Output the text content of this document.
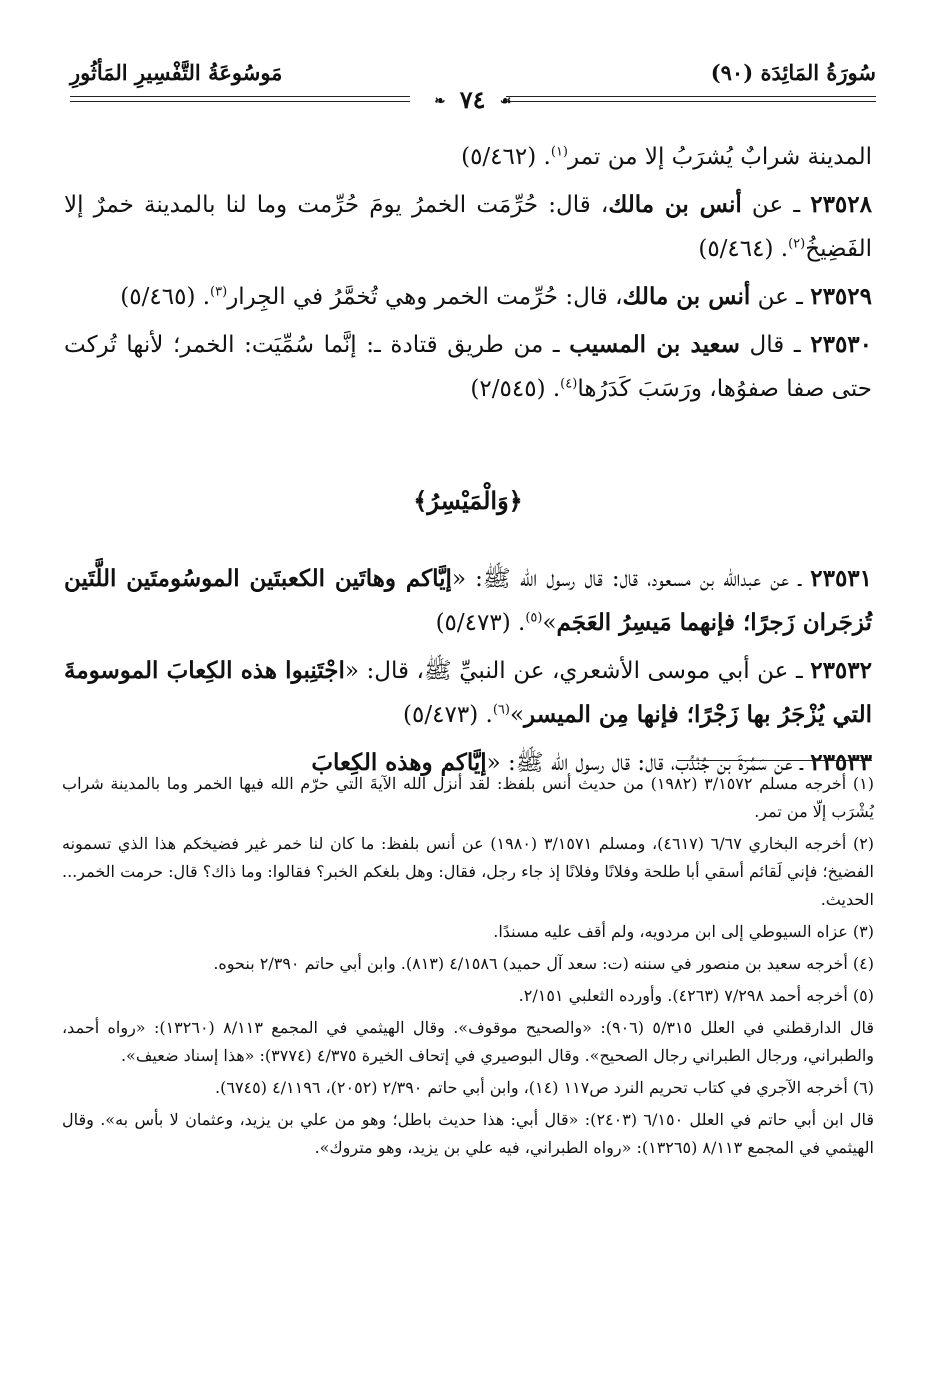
سُورَةُ المَائِدَة (٩٠)
مَوسُوعَةُ التَّفْسِيرِ المَأثُورِ
❧ ٧٤ ☙

المدينة شرابٌ يُشرَبُ إلا من تمر$^{(١)}$. (٥/٤٦٢)

٢٣٥٢٨ ـ عن أنس بن مالك، قال: حُرِّمَت الخمرُ يومَ حُرِّمت وما لنا بالمدينة خمرٌ إلا الفَضِيخُ$^{(٢)}$. (٥/٤٦٤)

٢٣٥٢٩ ـ عن أنس بن مالك، قال: حُرِّمت الخمر وهي تُخمَّرُ في الجِرار$^{(٣)}$. (٥/٤٦٥)

٢٣٥٣٠ ـ قال سعيد بن المسيب ـ من طريق قتادة ـ: إنَّما سُمِّيَت: الخمر؛ لأنها تُركت حتى صفا صفوُها، ورَسَبَ كَدَرُها$^{(٤)}$. (٢/٥٤٥)

﴿وَالْمَيْسِرُ﴾

٢٣٥٣١ ـ عن عبدالله بن مسعود، قال: قال رسول الله ﷺ: «إيَّاكم وهاتَين الكعبتَين الموسُومتَين اللَّتَين تُزجَران زَجرًا؛ فإنهما مَيسِرُ العَجَم»$^{(٥)}$. (٥/٤٧٣)

٢٣٥٣٢ ـ عن أبي موسى الأشعري، عن النبيِّ ﷺ، قال: «اجْتَنِبوا هذه الكِعابَ الموسومةَ التي يُزْجَرُ بها زَجْرًا؛ فإنها مِن الميسر»$^{(٦)}$. (٥/٤٧٣)

٢٣٥٣٣ ـ عن سَمُرَةَ بن جُنْدُب، قال: قال رسول الله ﷺ: «إيَّاكم وهذه الكِعابَ

(١) أخرجه مسلم ٣/١٥٧٢ (١٩٨٢) من حديث أنس بلفظ: لقد أنزل الله الآيةَ التي حرّم الله فيها الخمر وما بالمدينة شراب يُشْرَب إلّا من تمر.

(٢) أخرجه البخاري ٦/٦٧ (٤٦١٧)، ومسلم ٣/١٥٧١ (١٩٨٠) عن أنس بلفظ: ما كان لنا خمر غير فضيخكم هذا الذي تسمونه الفضيخ؛ فإني لَقائم أسقي أبا طلحة وفلانًا وفلانًا إذ جاء رجل، فقال: وهل بلغكم الخبر؟ فقالوا: وما ذاك؟ قال: حرمت الخمر... الحديث.

(٣) عزاه السيوطي إلى ابن مردويه، ولم أقف عليه مسندًا.

(٤) أخرجه سعيد بن منصور في سننه (ت: سعد آل حميد) ٤/١٥٨٦ (٨١٣). وابن أبي حاتم ٢/٣٩٠ بنحوه.

(٥) أخرجه أحمد ٧/٢٩٨ (٤٢٦٣). وأورده الثعلبي ٢/١٥١.

قال الدارقطني في العلل ٥/٣١٥ (٩٠٦): «والصحيح موقوف». وقال الهيثمي في المجمع ٨/١١٣ (١٣٢٦٠): «رواه أحمد، والطبراني، ورجال الطبراني رجال الصحيح». وقال البوصيري في إتحاف الخيرة ٤/٣٧٥ (٣٧٧٤): «هذا إسناد ضعيف».

(٦) أخرجه الآجري في كتاب تحريم النرد ص١١٧ (١٤)، وابن أبي حاتم ٢/٣٩٠ (٢٠٥٢)، ٤/١١٩٦ (٦٧٤٥).

قال ابن أبي حاتم في العلل ٦/١٥٠ (٢٤٠٣): «قال أبي: هذا حديث باطل؛ وهو من علي بن يزيد، وعثمان لا بأس به». وقال الهيثمي في المجمع ٨/١١٣ (١٣٢٦٥): «رواه الطبراني، فيه علي بن يزيد، وهو متروك».
